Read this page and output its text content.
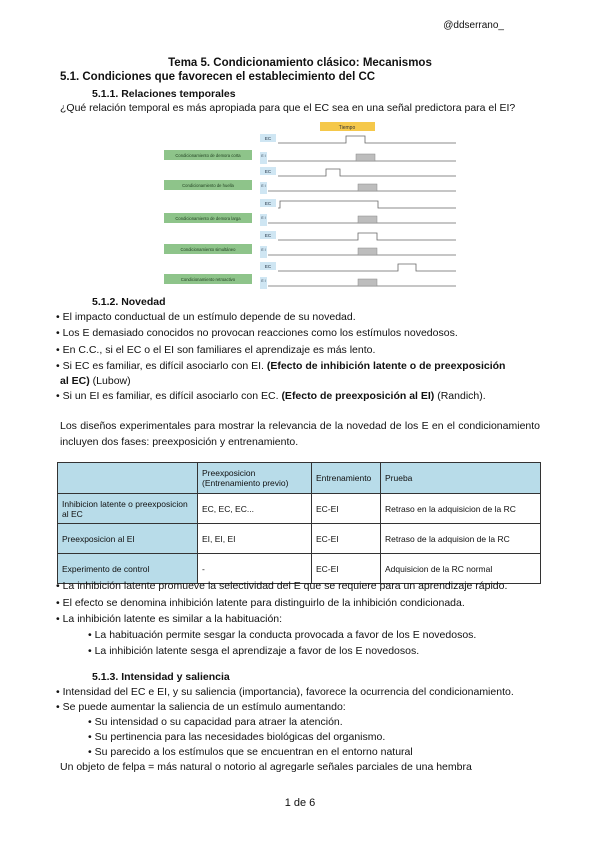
@ddserrano_
Tema 5. Condicionamiento clásico: Mecanismos
5.1. Condiciones que favorecen el establecimiento del CC
5.1.1. Relaciones temporales
¿Qué relación temporal es más apropiada para que el EC sea en una señal predictora para el EI?
Tiempo
Condicionamiento de demora corta
EC
E I
Condicionamiento de huella
EC
E I
Condicionamiento de demora larga
EC
E I
Condicionamiento simultáneo
EC
E I
Condicionamiento retroactivo
EC
E I
5.1.2. Novedad
• El impacto conductual de un estímulo depende de su novedad.
• Los E demasiado conocidos no provocan reacciones como los estímulos novedosos.
• En C.C., si el EC o el EI son familiares el aprendizaje es más lento.
• Si EC es familiar, es difícil asociarlo con EI. (Efecto de inhibición latente o de preexposición
al EC) (Lubow)
• Si un EI es familiar, es difícil asociarlo con EC. (Efecto de preexposición al EI) (Randich).
Los diseños experimentales para mostrar la relevancia de la novedad de los E en el condicionamiento incluyen dos fases: preexposición y entrenamiento.
	Preexposicion (Entrenamiento previo)	Entrenamiento	Prueba
Inhibicion latente o preexposicion al EC	EC, EC, EC...	EC-EI	Retraso en la adquisicion de la RC
Preexposicion al EI	EI, EI, EI	EC-EI	Retraso de la adquision de la RC
Experimento de control	-	EC-EI	Adquisicion de la RC normal
• La inhibición latente promueve la selectividad del E que se requiere para un aprendizaje rápido.
• El efecto se denomina inhibición latente para distinguirlo de la inhibición condicionada.
• La inhibición latente es similar a la habituación:
• La habituación permite sesgar la conducta provocada a favor de los E novedosos.
• La inhibición latente sesga el aprendizaje a favor de los E novedosos.
5.1.3. Intensidad y saliencia
• Intensidad del EC e EI, y su saliencia (importancia), favorece la ocurrencia del condicionamiento.
• Se puede aumentar la saliencia de un estímulo aumentando:
• Su intensidad o su capacidad para atraer la atención.
• Su pertinencia para las necesidades biológicas del organismo.
• Su parecido a los estímulos que se encuentran en el entorno natural
Un objeto de felpa = más natural o notorio al agregarle señales parciales de una hembra
1 de 6
